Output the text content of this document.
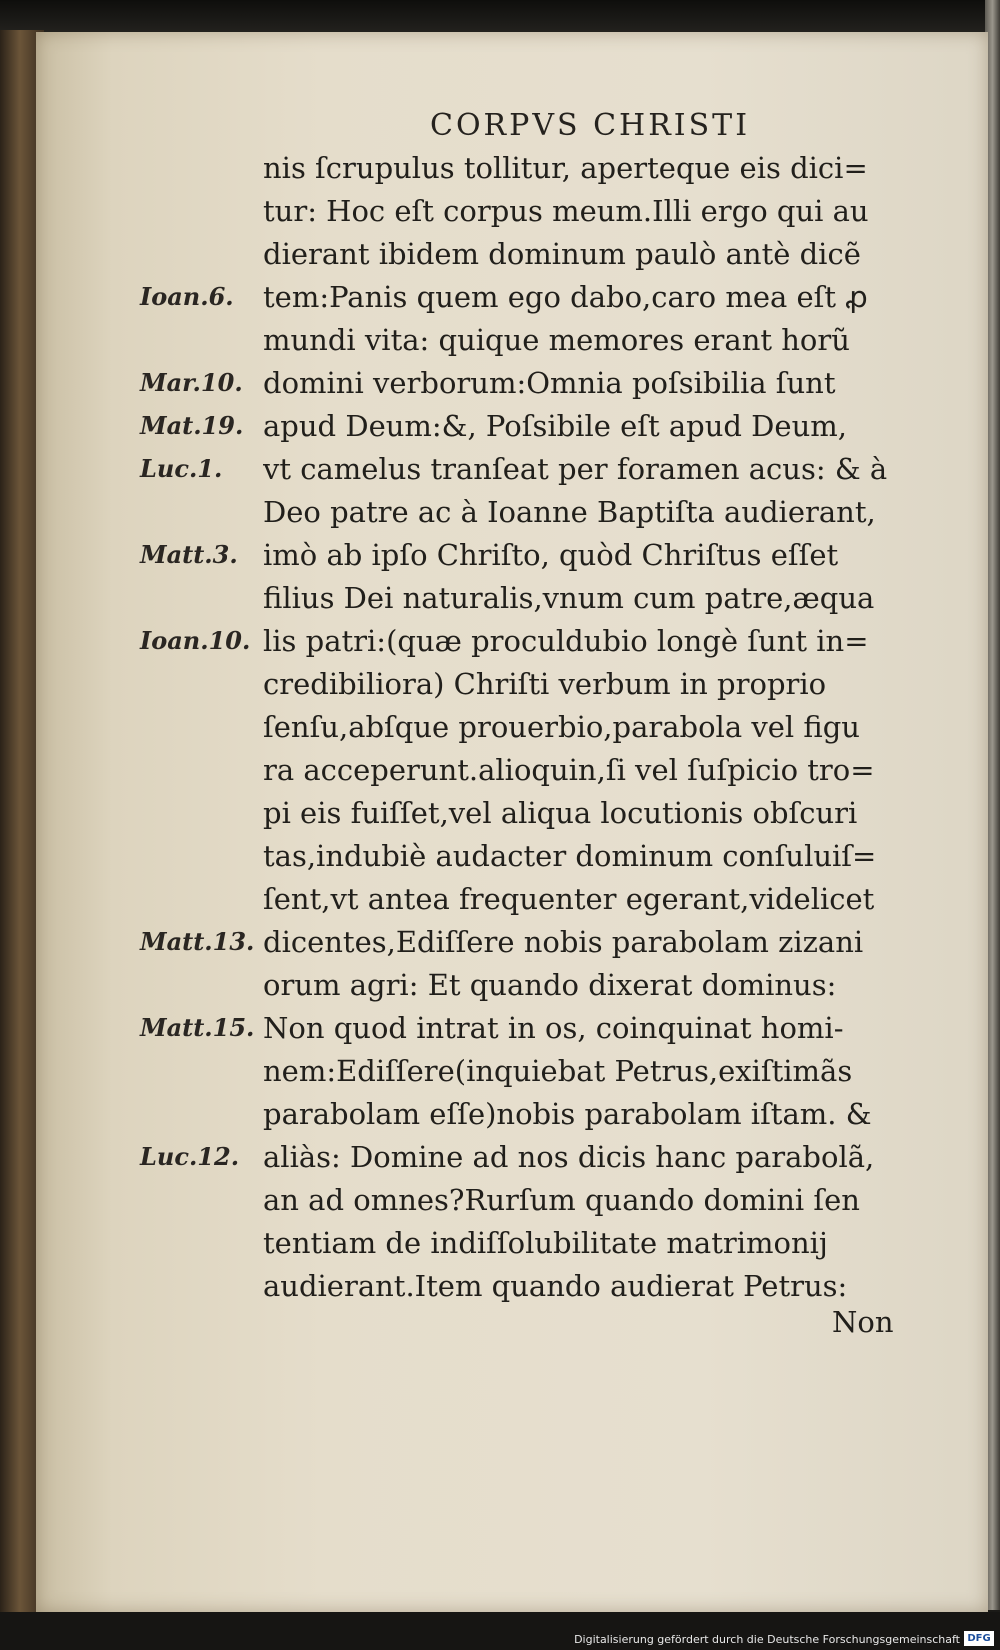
CORPVS CHRISTI
nis ſcrupulus tollitur, aperteque eis dici=
tur: Hoc eſt corpus meum.Illi ergo qui au
dierant ibidem dominum paulò antè dicẽ
tem:Panis quem ego dabo,caro mea eſt ꝓ
mundi vita: quique memores erant horũ
domini verborum:Omnia poſsibilia ſunt
apud Deum:&, Poſsibile eſt apud Deum,
vt camelus tranſeat per foramen acus: & à
Deo patre ac à Ioanne Baptiſta audierant,
imò ab ipſo Chriſto, quòd Chriſtus eſſet
filius Dei naturalis,vnum cum patre,æqua
lis patri:(quæ proculdubio longè ſunt in=
credibiliora) Chriſti verbum in proprio
ſenſu,abſque prouerbio,parabola vel figu
ra acceperunt.alioquin,ſi vel ſuſpicio tro=
pi eis fuiſſet,vel aliqua locutionis obſcuri
tas,indubiè audacter dominum conſuluiſ=
ſent,vt antea frequenter egerant,videlicet
dicentes,Ediſſere nobis parabolam zizani
orum agri: Et quando dixerat dominus:
Non quod intrat in os, coinquinat homi-
nem:Ediſſere(inquiebat Petrus,exiſtimãs
parabolam eſſe)nobis parabolam iſtam. &
aliàs: Domine ad nos dicis hanc parabolã,
an ad omnes?Rurſum quando domini ſen
tentiam de indiſſolubilitate matrimonij
audierant.Item quando audierat Petrus:
Ioan.6.
Mar.10.
Mat.19.
Luc.1.
Matt.3.
Ioan.10.
Matt.13.
Matt.15.
Luc.12.
Non
Digitalisierung gefördert durch die Deutsche Forschungsgemeinschaft DFG
